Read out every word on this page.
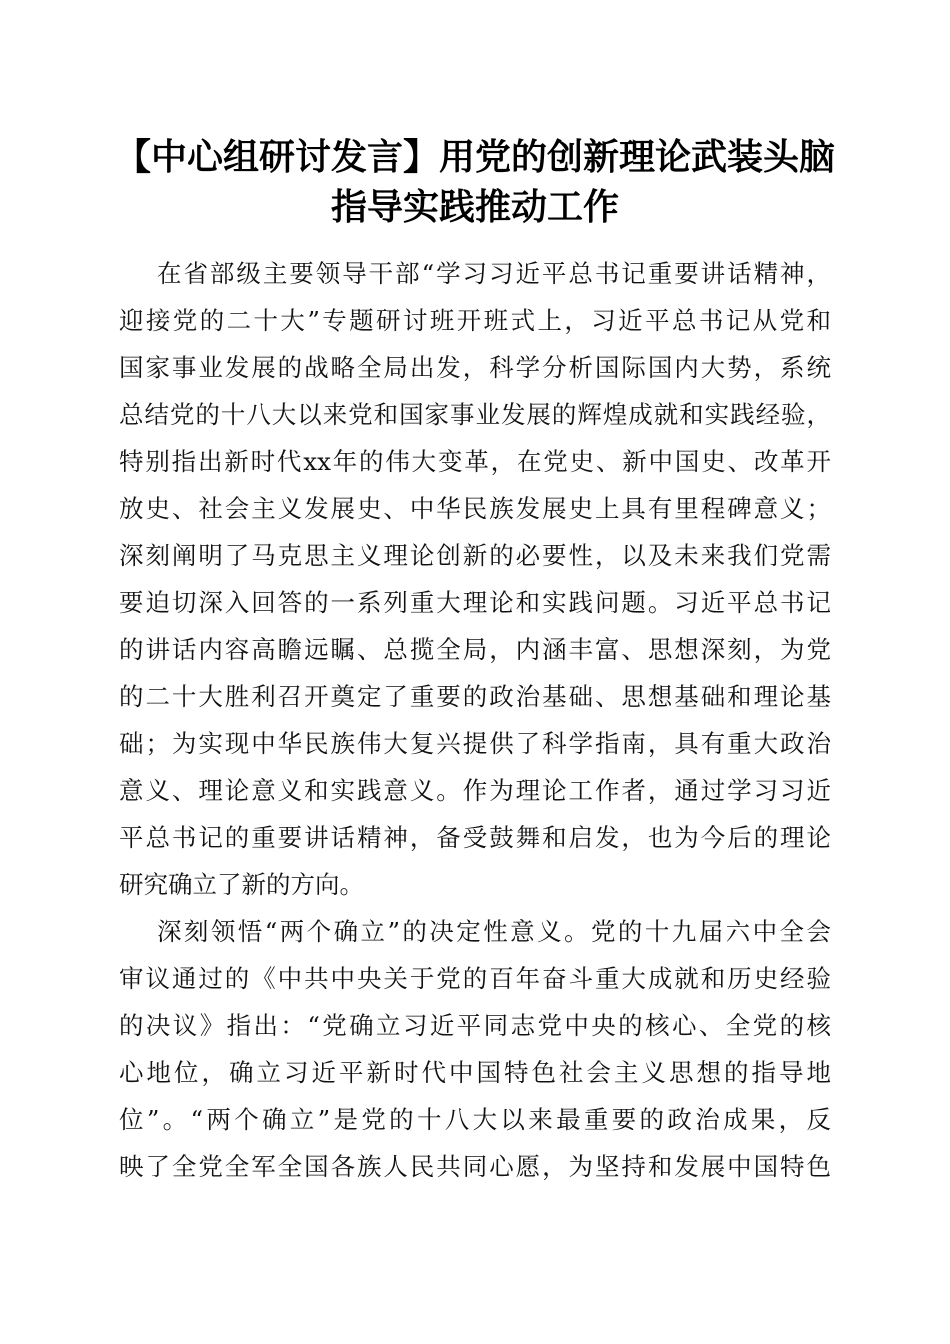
【中心组研讨发言】用党的创新理论武装头脑
指导实践推动工作
在省部级主要领导干部“学习习近平总书记重要讲话精神，
迎接党的二十大”专题研讨班开班式上，习近平总书记从党和
国家事业发展的战略全局出发，科学分析国际国内大势，系统
总结党的十八大以来党和国家事业发展的辉煌成就和实践经验，
特别指出新时代xx年的伟大变革，在党史、新中国史、改革开
放史、社会主义发展史、中华民族发展史上具有里程碑意义；
深刻阐明了马克思主义理论创新的必要性，以及未来我们党需
要迫切深入回答的一系列重大理论和实践问题。习近平总书记
的讲话内容高瞻远瞩、总揽全局，内涵丰富、思想深刻，为党
的二十大胜利召开奠定了重要的政治基础、思想基础和理论基
础；为实现中华民族伟大复兴提供了科学指南，具有重大政治
意义、理论意义和实践意义。作为理论工作者，通过学习习近
平总书记的重要讲话精神，备受鼓舞和启发，也为今后的理论
研究确立了新的方向。
深刻领悟“两个确立”的决定性意义。党的十九届六中全会
审议通过的《中共中央关于党的百年奋斗重大成就和历史经验
的决议》指出：“党确立习近平同志党中央的核心、全党的核
心地位，确立习近平新时代中国特色社会主义思想的指导地
位”。“两个确立”是党的十八大以来最重要的政治成果，反
映了全党全军全国各族人民共同心愿，为坚持和发展中国特色
